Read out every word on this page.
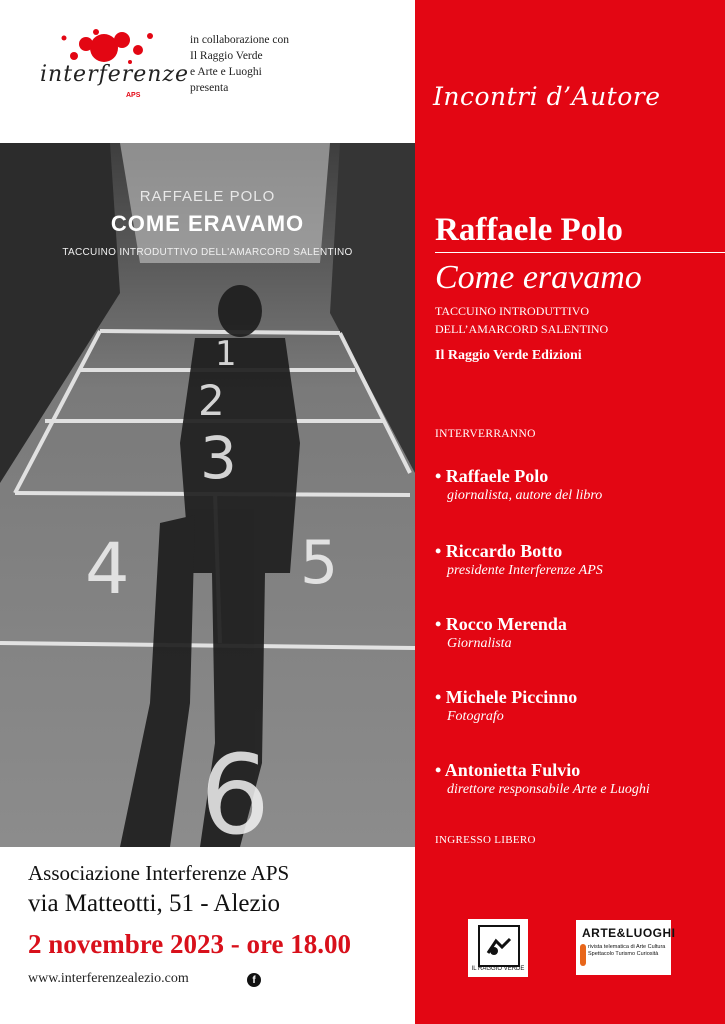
interferenze
APS
in collaborazione con
Il Raggio Verde
e Arte e Luoghi
presenta
1
2
3
4	5
6
RAFFAELE POLO
COME ERAVAMO
TACCUINO INTRODUTTIVO DELL'AMARCORD SALENTINO
Associazione Interferenze APS
via Matteotti, 51 - Alezio
2 novembre 2023 - ore 18.00
www.interferenzealezio.com	f
Incontri d’Autore
Raffaele Polo
Come eravamo
TACCUINO INTRODUTTIVO
DELL’AMARCORD SALENTINO
Il Raggio Verde Edizioni
INTERVERRANNO
• Raffaele Polo
giornalista, autore del libro
• Riccardo Botto
presidente Interferenze APS
• Rocco Merenda
Giornalista
• Michele Piccinno
Fotografo
• Antonietta Fulvio
direttore responsabile Arte e Luoghi
INGRESSO LIBERO
IL RAGGIO VERDE
ARTE&LUOGHI
rivista telematica di Arte Cultura Spettacolo Turismo Curiosità
